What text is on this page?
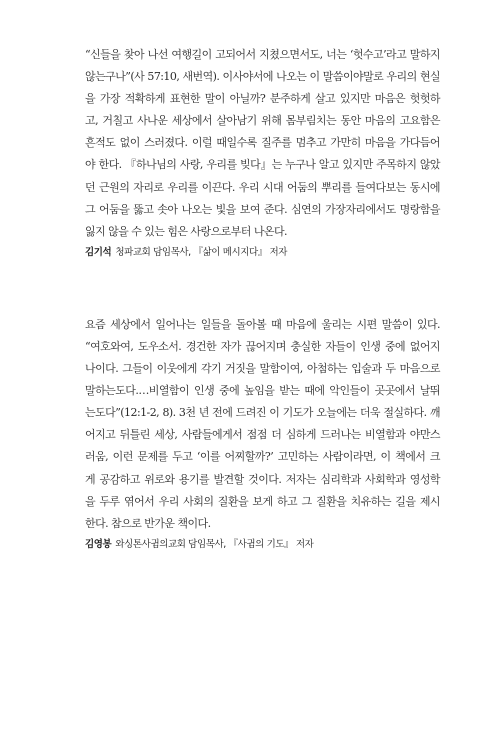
“신들을 찾아 나선 여행길이 고되어서 지쳤으면서도, 너는 ‘헛수고’라고 말하지
않는구나”(사 57:10, 새번역). 이사야서에 나오는 이 말씀이야말로 우리의 현실
을 가장 적확하게 표현한 말이 아닐까? 분주하게 살고 있지만 마음은 헛헛하
고, 거칠고 사나운 세상에서 살아남기 위해 몸부림치는 동안 마음의 고요함은
흔적도 없이 스러졌다. 이럴 때일수록 질주를 멈추고 가만히 마음을 가다듬어
야 한다. 『하나님의 사랑, 우리를 빚다』는 누구나 알고 있지만 주목하지 않았
던 근원의 자리로 우리를 이끈다. 우리 시대 어둠의 뿌리를 들여다보는 동시에
그 어둠을 뚫고 솟아 나오는 빛을 보여 준다. 심연의 가장자리에서도 명랑함을
잃지 않을 수 있는 힘은 사랑으로부터 나온다.
김기석 청파교회 담임목사, 『삶이 메시지다』 저자
요즘 세상에서 일어나는 일들을 돌아볼 때 마음에 울리는 시편 말씀이 있다.
“여호와여, 도우소서. 경건한 자가 끊어지며 충실한 자들이 인생 중에 없어지
나이다. 그들이 이웃에게 각기 거짓을 말함이여, 아첨하는 입술과 두 마음으로
말하는도다.…비열함이 인생 중에 높임을 받는 때에 악인들이 곳곳에서 날뛰
는도다”(12:1-2, 8). 3천 년 전에 드려진 이 기도가 오늘에는 더욱 절실하다. 깨
어지고 뒤틀린 세상, 사람들에게서 점점 더 심하게 드러나는 비열함과 야만스
러움, 이런 문제를 두고 ‘이를 어찌할까?’ 고민하는 사람이라면, 이 책에서 크
게 공감하고 위로와 용기를 발견할 것이다. 저자는 심리학과 사회학과 영성학
을 두루 엮어서 우리 사회의 질환을 보게 하고 그 질환을 치유하는 길을 제시
한다. 참으로 반가운 책이다.
김영봉 와싱톤사귐의교회 담임목사, 『사귐의 기도』 저자
